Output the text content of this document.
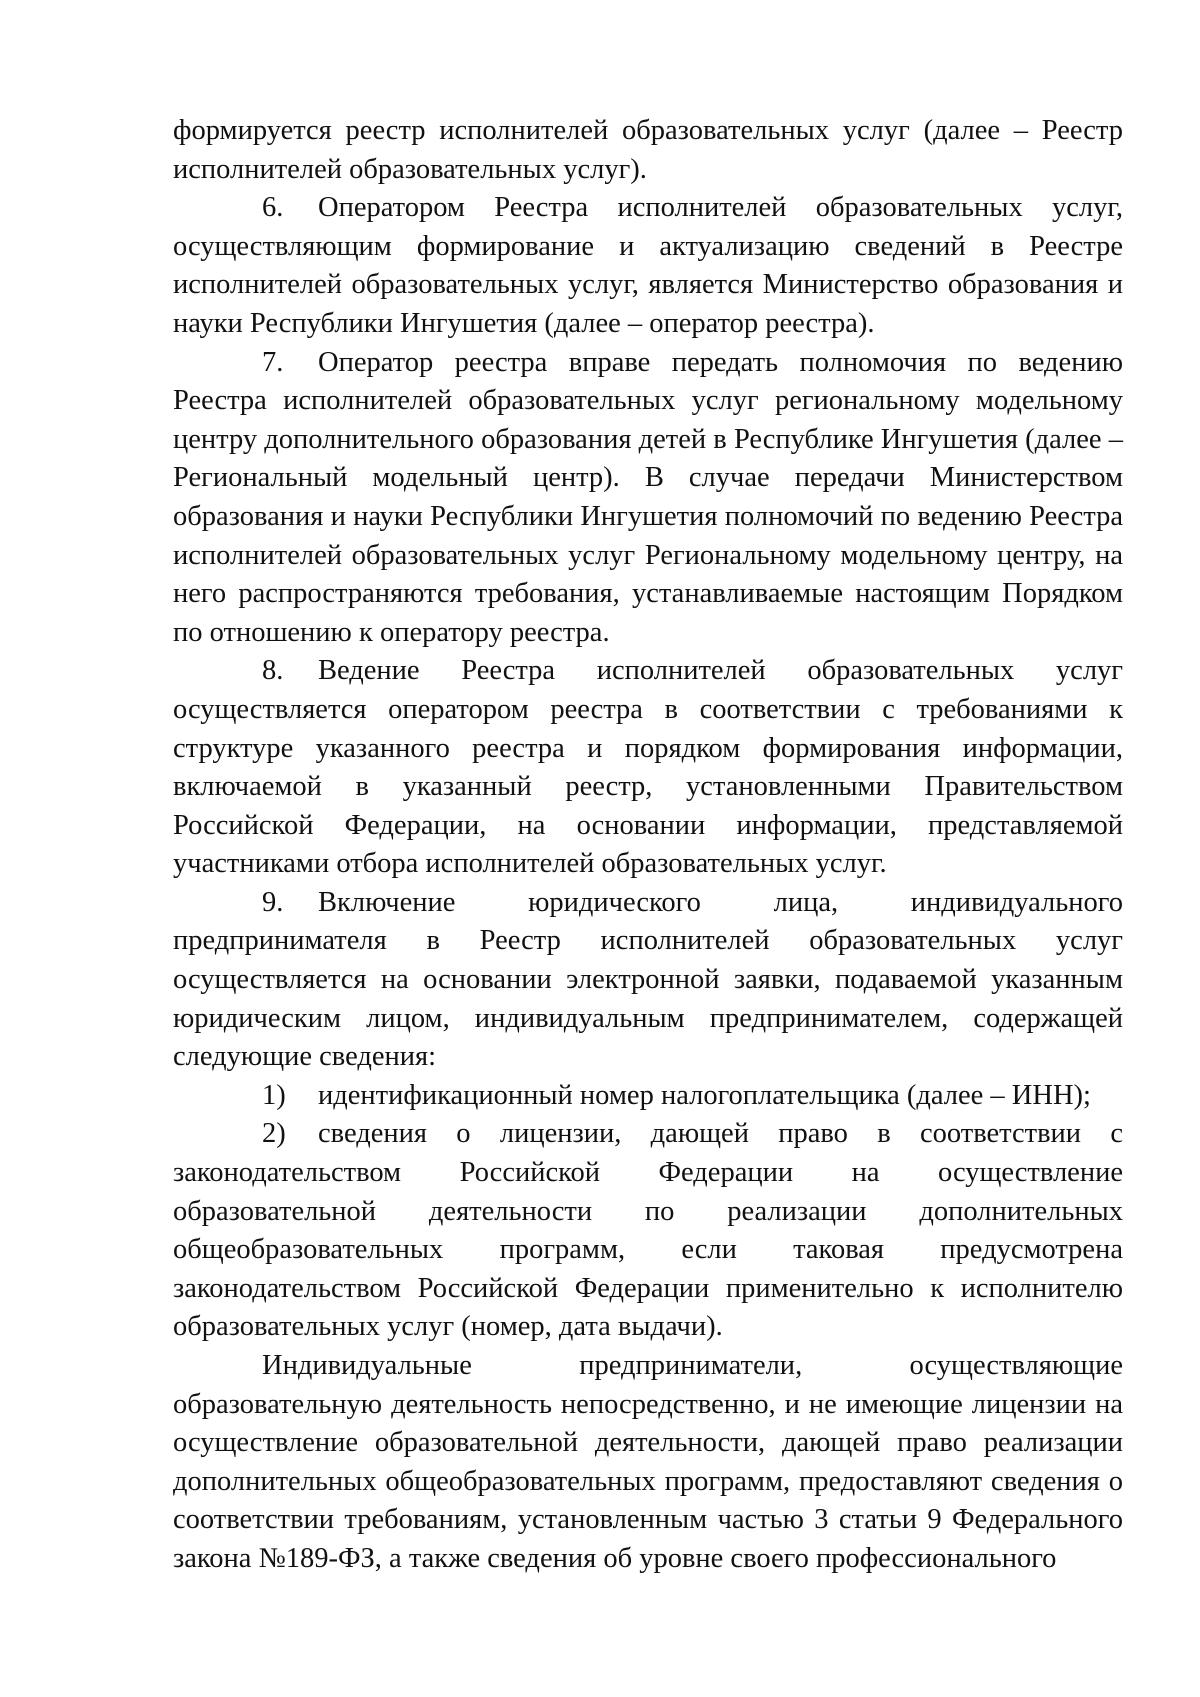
формируется реестр исполнителей образовательных услуг (далее – Реестр исполнителей образовательных услуг).

6. Оператором Реестра исполнителей образовательных услуг, осуществляющим формирование и актуализацию сведений в Реестре исполнителей образовательных услуг, является Министерство образования и науки Республики Ингушетия (далее – оператор реестра).

7. Оператор реестра вправе передать полномочия по ведению Реестра исполнителей образовательных услуг региональному модельному центру дополнительного образования детей в Республике Ингушетия (далее – Региональный модельный центр). В случае передачи Министерством образования и науки Республики Ингушетия полномочий по ведению Реестра исполнителей образовательных услуг Региональному модельному центру, на него распространяются требования, устанавливаемые настоящим Порядком по отношению к оператору реестра.

8. Ведение Реестра исполнителей образовательных услуг осуществляется оператором реестра в соответствии с требованиями к структуре указанного реестра и порядком формирования информации, включаемой в указанный реестр, установленными Правительством Российской Федерации, на основании информации, представляемой участниками отбора исполнителей образовательных услуг.

9. Включение юридического лица, индивидуального предпринимателя в Реестр исполнителей образовательных услуг осуществляется на основании электронной заявки, подаваемой указанным юридическим лицом, индивидуальным предпринимателем, содержащей следующие сведения:

1) идентификационный номер налогоплательщика (далее – ИНН);

2) сведения о лицензии, дающей право в соответствии с законодательством Российской Федерации на осуществление образовательной деятельности по реализации дополнительных общеобразовательных программ, если таковая предусмотрена законодательством Российской Федерации применительно к исполнителю образовательных услуг (номер, дата выдачи).

Индивидуальные предприниматели, осуществляющие образовательную деятельность непосредственно, и не имеющие лицензии на осуществление образовательной деятельности, дающей право реализации дополнительных общеобразовательных программ, предоставляют сведения о соответствии требованиям, установленным частью 3 статьи 9 Федерального закона №189-ФЗ, а также сведения об уровне своего профессионального
